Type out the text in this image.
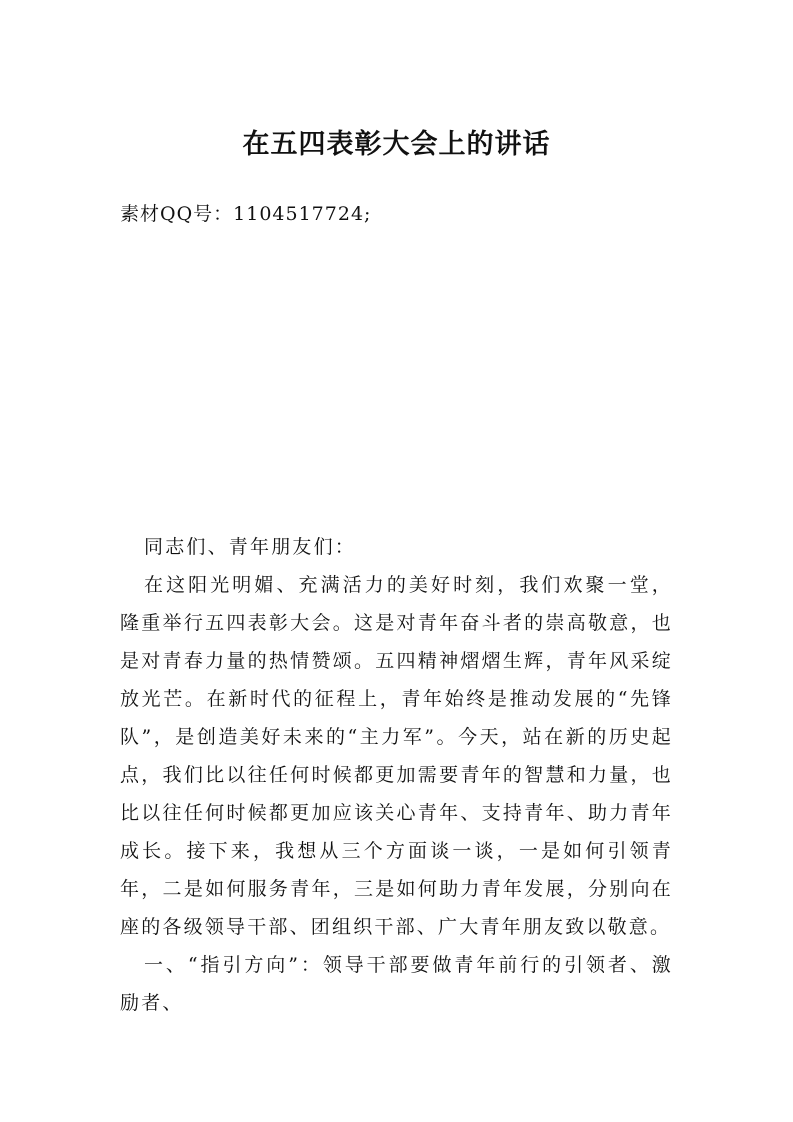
在五四表彰大会上的讲话
素材QQ号：1104517724;

同志们、青年朋友们：

在这阳光明媚、充满活力的美好时刻，我们欢聚一堂，隆重举行五四表彰大会。这是对青年奋斗者的崇高敬意，也是对青春力量的热情赞颂。五四精神熠熠生辉，青年风采绽放光芒。在新时代的征程上，青年始终是推动发展的“先锋队”，是创造美好未来的“主力军”。今天，站在新的历史起点，我们比以往任何时候都更加需要青年的智慧和力量，也比以往任何时候都更加应该关心青年、支持青年、助力青年成长。接下来，我想从三个方面谈一谈，一是如何引领青年，二是如何服务青年，三是如何助力青年发展，分别向在座的各级领导干部、团组织干部、广大青年朋友致以敬意。

一、“指引方向”：领导干部要做青年前行的引领者、激励者、
